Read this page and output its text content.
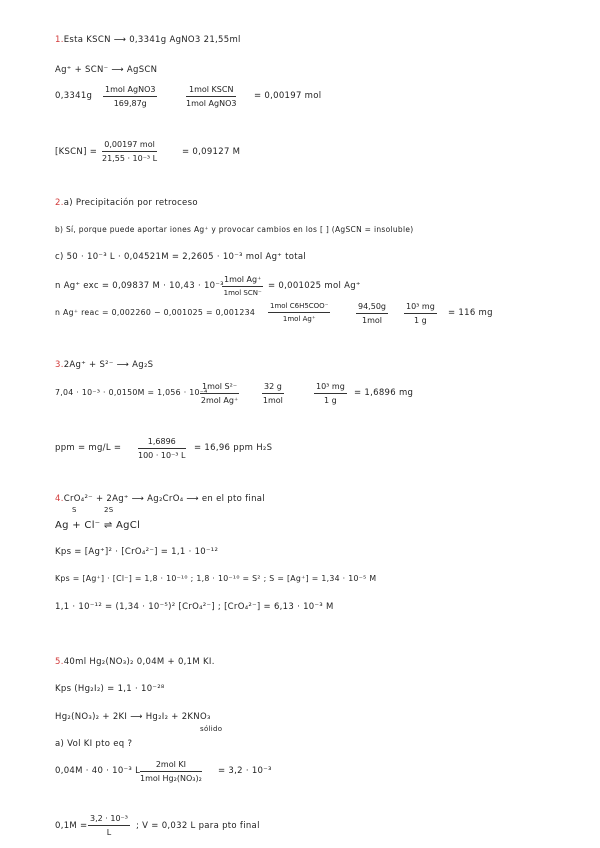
1.Esta KSCN ⟶ 0,3341g AgNO3 21,55ml
Ag⁺ + SCN⁻ ⟶ AgSCN
0,3341g
1mol AgNO3
169,87g
1mol KSCN
1mol AgNO3
= 0,00197 mol
[KSCN] =
0,00197 mol
21,55 · 10⁻³ L
= 0,09127 M
2.a) Precipitación por retroceso
b) Sí, porque puede aportar iones Ag⁺ y provocar cambios en los [ ] (AgSCN = insoluble)
c) 50 · 10⁻³ L · 0,04521M = 2,2605 · 10⁻³ mol Ag⁺ total
n Ag⁺ exc = 0,09837 M · 10,43 · 10⁻³
1mol Ag⁺
1mol SCN⁻
= 0,001025 mol Ag⁺
n Ag⁺ reac = 0,002260 − 0,001025 = 0,001234
1mol C6H5COO⁻
1mol Ag⁺
94,50g
1mol
10³ mg
1 g
= 116 mg
3.2Ag⁺ + S²⁻ ⟶ Ag₂S
7,04 · 10⁻³ · 0,0150M = 1,056 · 10⁻⁴
1mol S²⁻
2mol Ag⁺
32 g
1mol
10³ mg
1 g
= 1,6896 mg
ppm = mg/L =
1,6896
100 · 10⁻³ L
= 16,96 ppm H₂S
4.CrO₄²⁻ + 2Ag⁺ ⟶ Ag₂CrO₄ ⟶ en el pto final
S	2S
Ag + Cl⁻ ⇌ AgCl
Kps = [Ag⁺]² · [CrO₄²⁻] = 1,1 · 10⁻¹²
Kps = [Ag⁺] · [Cl⁻] = 1,8 · 10⁻¹⁰ ; 1,8 · 10⁻¹⁰ = S² ; S = [Ag⁺] = 1,34 · 10⁻⁵ M
1,1 · 10⁻¹² = (1,34 · 10⁻⁵)² [CrO₄²⁻] ; [CrO₄²⁻] = 6,13 · 10⁻³ M
5.40ml Hg₂(NO₃)₂ 0,04M + 0,1M KI.
Kps (Hg₂I₂) = 1,1 · 10⁻²⁸
Hg₂(NO₃)₂ + 2KI ⟶ Hg₂I₂ + 2KNO₃
sólido
a) Vol KI pto eq ?
0,04M · 40 · 10⁻³ L
2mol KI
1mol Hg₂(NO₃)₂
= 3,2 · 10⁻³
0,1M =
3,2 · 10⁻³
L
; V = 0,032 L para pto final
